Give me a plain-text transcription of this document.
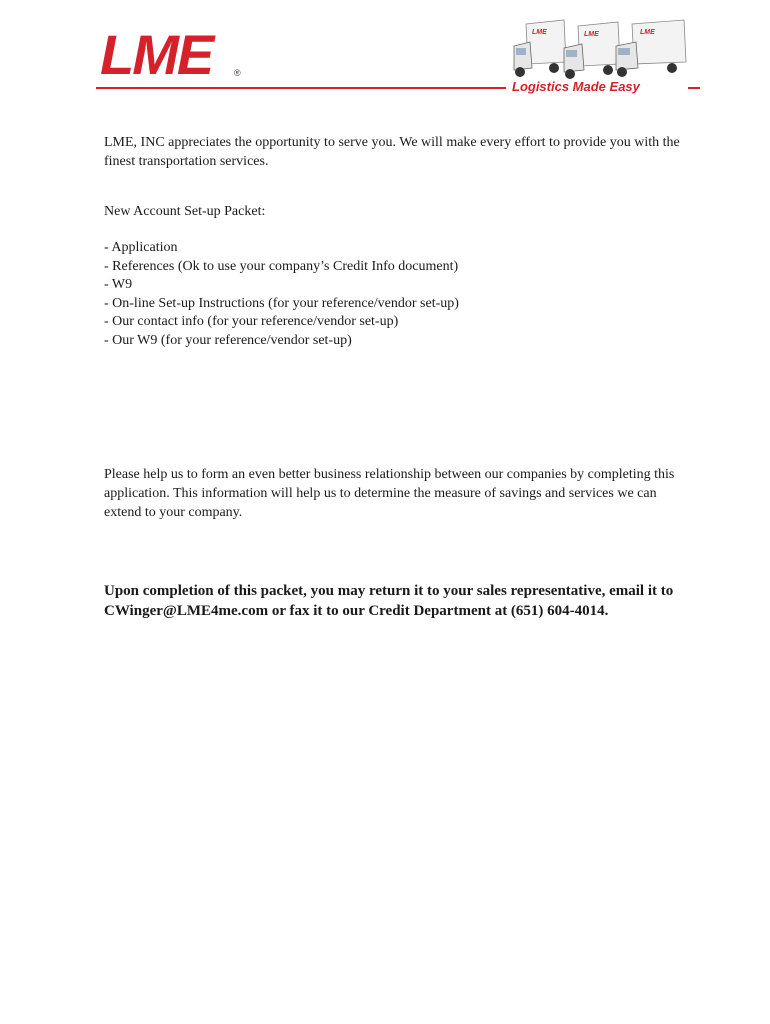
LME	®
LME	LME	LME
Logistics Made Easy

LME, INC appreciates the opportunity to serve you. We will make every effort to provide you with the finest transportation services.

New Account Set-up Packet:

- Application
- References (Ok to use your company’s Credit Info document)
- W9
- On-line Set-up Instructions (for your reference/vendor set-up)
- Our contact info (for your reference/vendor set-up)
- Our W9 (for your reference/vendor set-up)

Please help us to form an even better business relationship between our companies by completing this application. This information will help us to determine the measure of savings and services we can extend to your company.

Upon completion of this packet, you may return it to your sales representative, email it to CWinger@LME4me.com or fax it to our Credit Department at (651) 604-4014.
